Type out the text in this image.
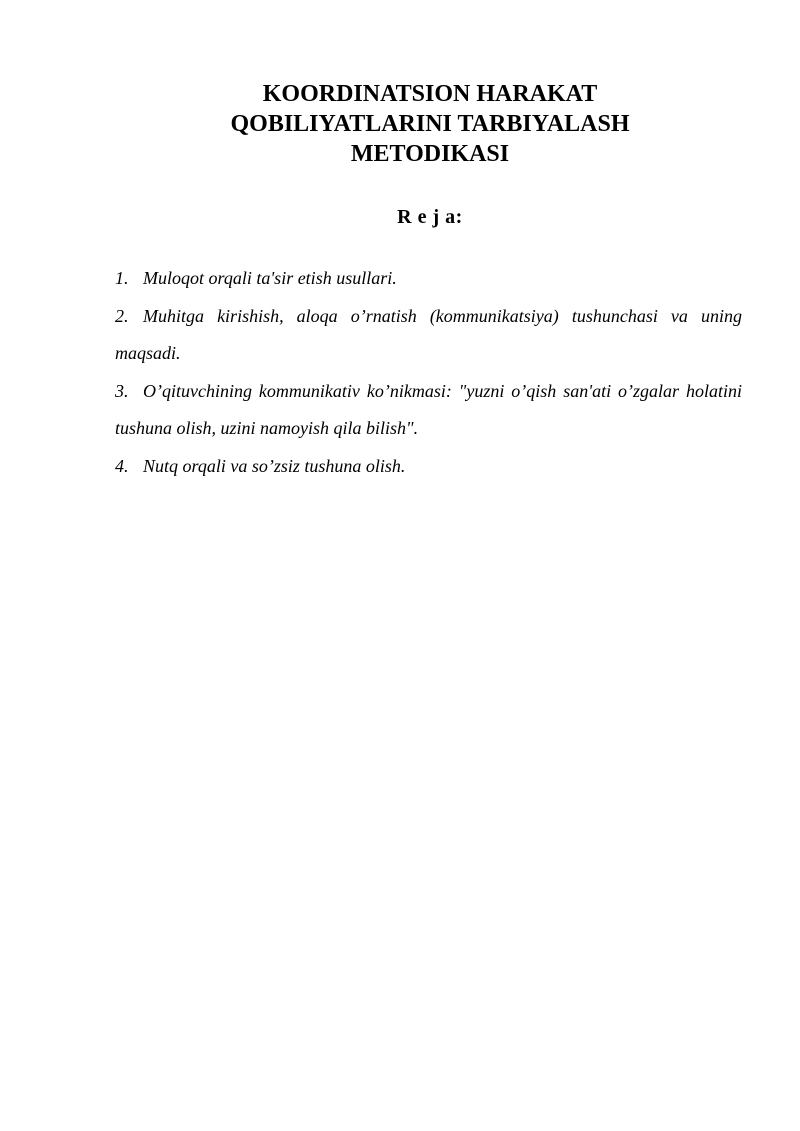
KOORDINATSION HARAKAT
QOBILIYATLARINI TARBIYALASH
METODIKASI
R e j a:
1. Muloqot orqali ta'sir etish usullari.
2. Muhitga kirishish, aloqa o’rnatish (kommunikatsiya) tushunchasi va uning maqsadi.
3. O’qituvchining kommunikativ ko’nikmasi: "yuzni o’qish san'ati o’zgalar holatini tushuna olish, uzini namoyish qila bilish".
4. Nutq orqali va so’zsiz tushuna olish.
